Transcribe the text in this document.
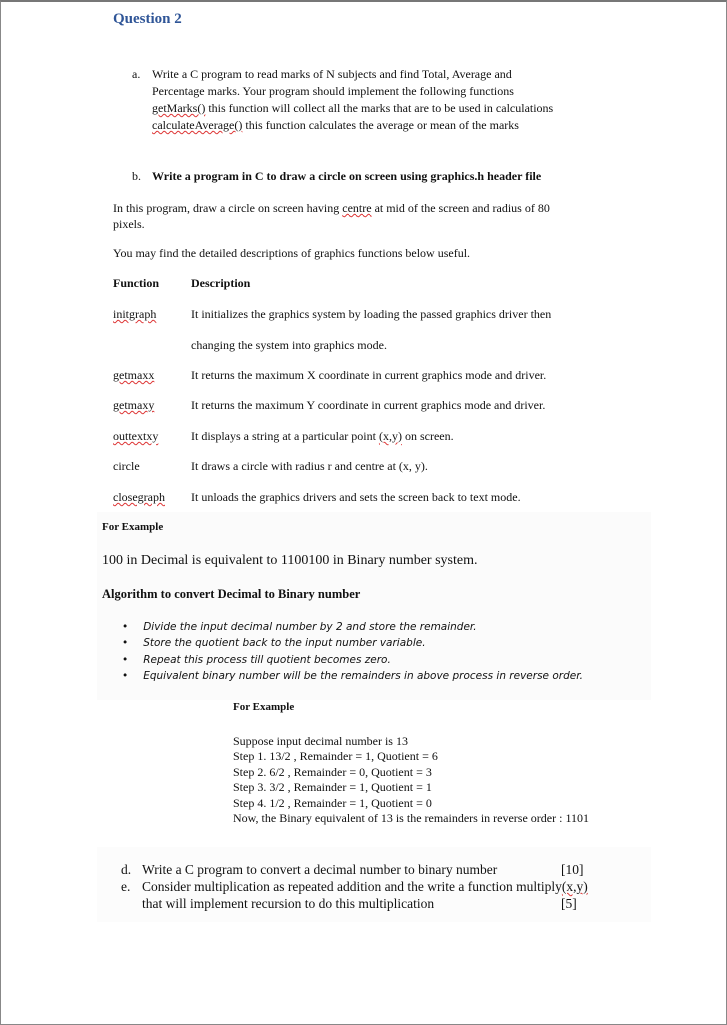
Question 2
a. Write a C program to read marks of N subjects and find Total, Average and
Percentage marks. Your program should implement the following functions
getMarks() this function will collect all the marks that are to be used in calculations
calculateAverage() this function calculates the average or mean of the marks
b. Write a program in C to draw a circle on screen using graphics.h header file
In this program, draw a circle on screen having centre at mid of the screen and radius of 80
pixels.
You may find the detailed descriptions of graphics functions below useful.
Function	Description
initgraph	It initializes the graphics system by loading the passed graphics driver then
changing the system into graphics mode.
getmaxx	It returns the maximum X coordinate in current graphics mode and driver.
getmaxy	It returns the maximum Y coordinate in current graphics mode and driver.
outtextxy	It displays a string at a particular point (x,y) on screen.
circle	It draws a circle with radius r and centre at (x, y).
closegraph It unloads the graphics drivers and sets the screen back to text mode.
For Example
100 in Decimal is equivalent to 1100100 in Binary number system.
Algorithm to convert Decimal to Binary number
• Divide the input decimal number by 2 and store the remainder.
• Store the quotient back to the input number variable.
• Repeat this process till quotient becomes zero.
• Equivalent binary number will be the remainders in above process in reverse order.
For Example
Suppose input decimal number is 13
Step 1. 13/2 , Remainder = 1, Quotient = 6
Step 2. 6/2 , Remainder = 0, Quotient = 3
Step 3. 3/2 , Remainder = 1, Quotient = 1
Step 4. 1/2 , Remainder = 1, Quotient = 0
Now, the Binary equivalent of 13 is the remainders in reverse order : 1101
d. Write a C program to convert a decimal number to binary number	[10]
e. Consider multiplication as repeated addition and the write a function multiply(x,y)
that will implement recursion to do this multiplication	[5]
